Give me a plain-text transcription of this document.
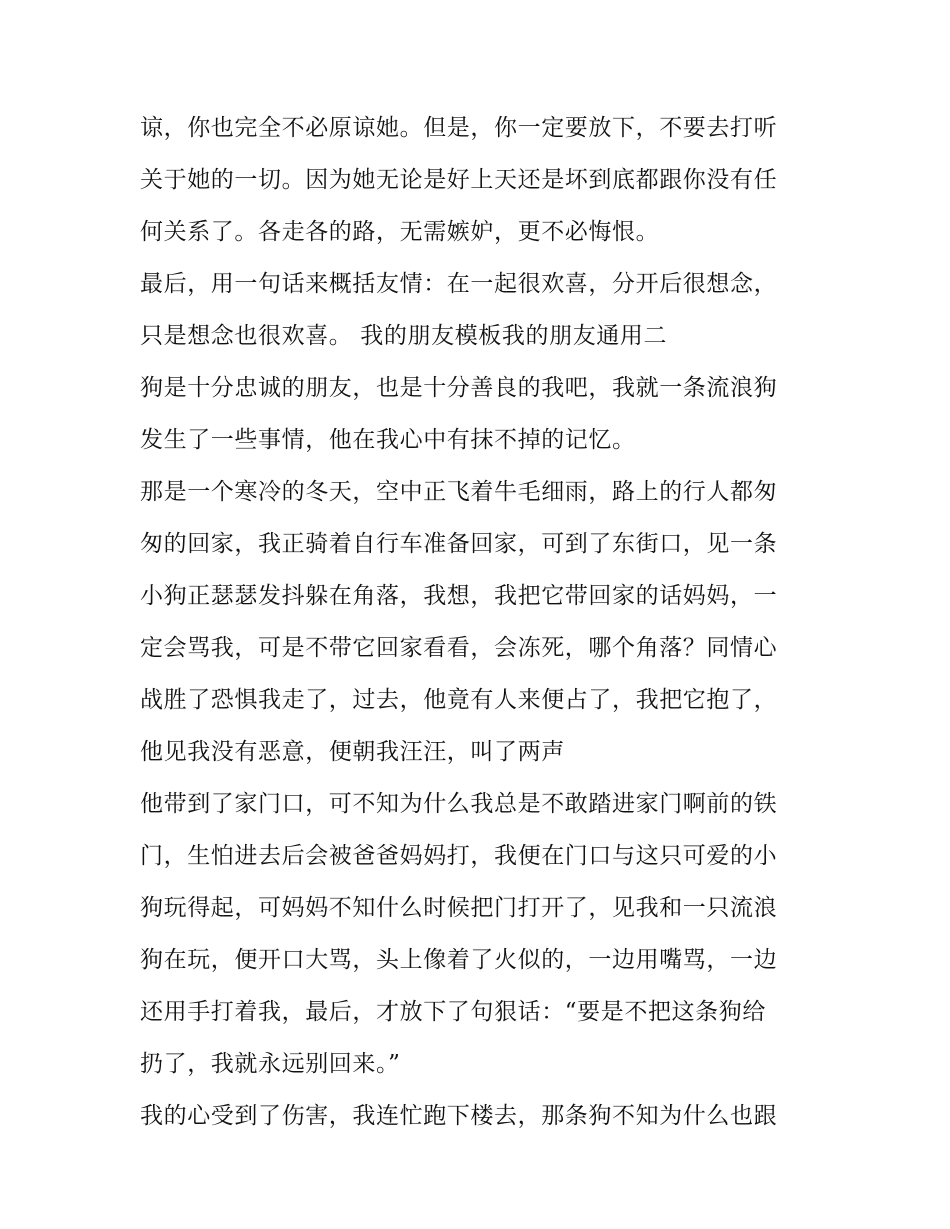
谅，你也完全不必原谅她。但是，你一定要放下，不要去打听
关于她的一切。因为她无论是好上天还是坏到底都跟你没有任
何关系了。各走各的路，无需嫉妒，更不必悔恨。
最后，用一句话来概括友情：在一起很欢喜，分开后很想念，
只是想念也很欢喜。 我的朋友模板我的朋友通用二
狗是十分忠诚的朋友，也是十分善良的我吧，我就一条流浪狗
发生了一些事情，他在我心中有抹不掉的记忆。
那是一个寒冷的冬天，空中正飞着牛毛细雨，路上的行人都匆
匆的回家，我正骑着自行车准备回家，可到了东街口，见一条
小狗正瑟瑟发抖躲在角落，我想，我把它带回家的话妈妈，一
定会骂我，可是不带它回家看看，会冻死，哪个角落？同情心
战胜了恐惧我走了，过去，他竟有人来便占了，我把它抱了，
他见我没有恶意，便朝我汪汪，叫了两声
他带到了家门口，可不知为什么我总是不敢踏进家门啊前的铁
门，生怕进去后会被爸爸妈妈打，我便在门口与这只可爱的小
狗玩得起，可妈妈不知什么时候把门打开了，见我和一只流浪
狗在玩，便开口大骂，头上像着了火似的，一边用嘴骂，一边
还用手打着我，最后，才放下了句狠话：“要是不把这条狗给
扔了，我就永远别回来。”
我的心受到了伤害，我连忙跑下楼去，那条狗不知为什么也跟
